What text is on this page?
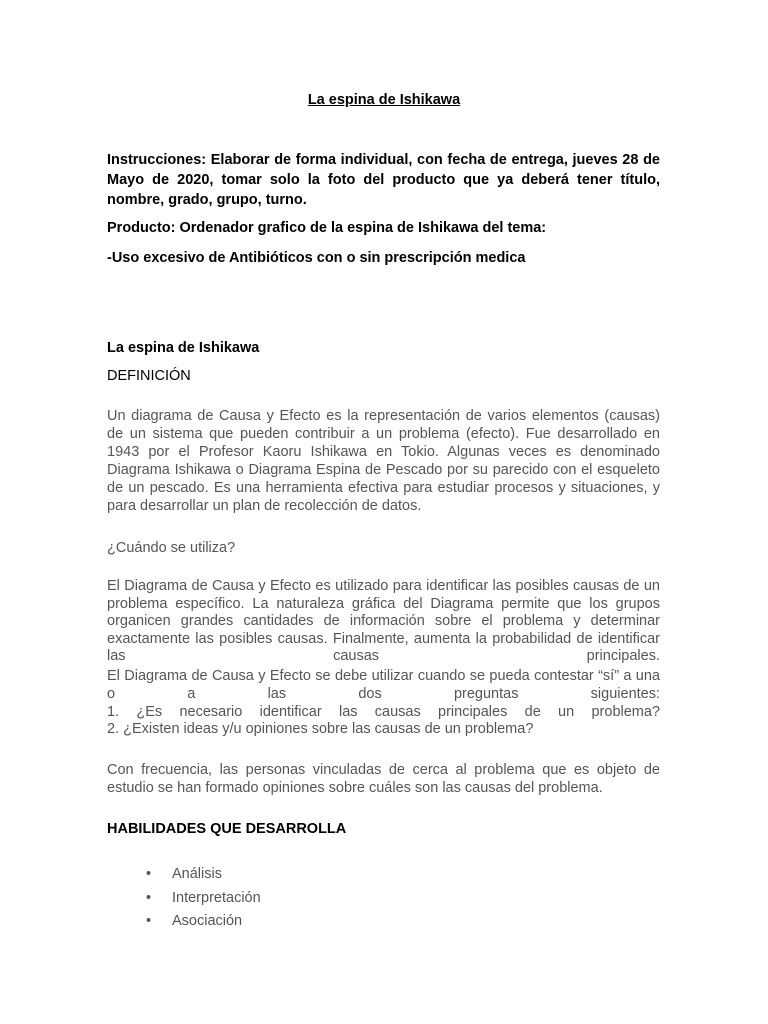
La espina de Ishikawa
Instrucciones: Elaborar de forma individual, con fecha de entrega, jueves 28 de Mayo de 2020, tomar solo la foto del producto que ya deberá tener título, nombre, grado, grupo, turno.
Producto: Ordenador grafico de la espina de Ishikawa del tema:
-Uso excesivo de Antibióticos con o sin prescripción medica
La espina de Ishikawa
DEFINICIÓN
Un diagrama de Causa y Efecto es la representación de varios elementos (causas) de un sistema que pueden contribuir a un problema (efecto). Fue desarrollado en 1943 por el Profesor Kaoru Ishikawa en Tokio. Algunas veces es denominado Diagrama Ishikawa o Diagrama Espina de Pescado por su parecido con el esqueleto de un pescado. Es una herramienta efectiva para estudiar procesos y situaciones, y para desarrollar un plan de recolección de datos.
¿Cuándo se utiliza?
El Diagrama de Causa y Efecto es utilizado para identificar las posibles causas de un problema específico. La naturaleza gráfica del Diagrama permite que los grupos organicen grandes cantidades de información sobre el problema y determinar exactamente las posibles causas. Finalmente, aumenta la probabilidad de identificar las causas principales.
El Diagrama de Causa y Efecto se debe utilizar cuando se pueda contestar “sí” a una o a las dos preguntas siguientes:
1. ¿Es necesario identificar las causas principales de un problema?
2. ¿Existen ideas y/u opiniones sobre las causas de un problema?
Con frecuencia, las personas vinculadas de cerca al problema que es objeto de estudio se han formado opiniones sobre cuáles son las causas del problema.
HABILIDADES QUE DESARROLLA
• Análisis
• Interpretación
• Asociación
